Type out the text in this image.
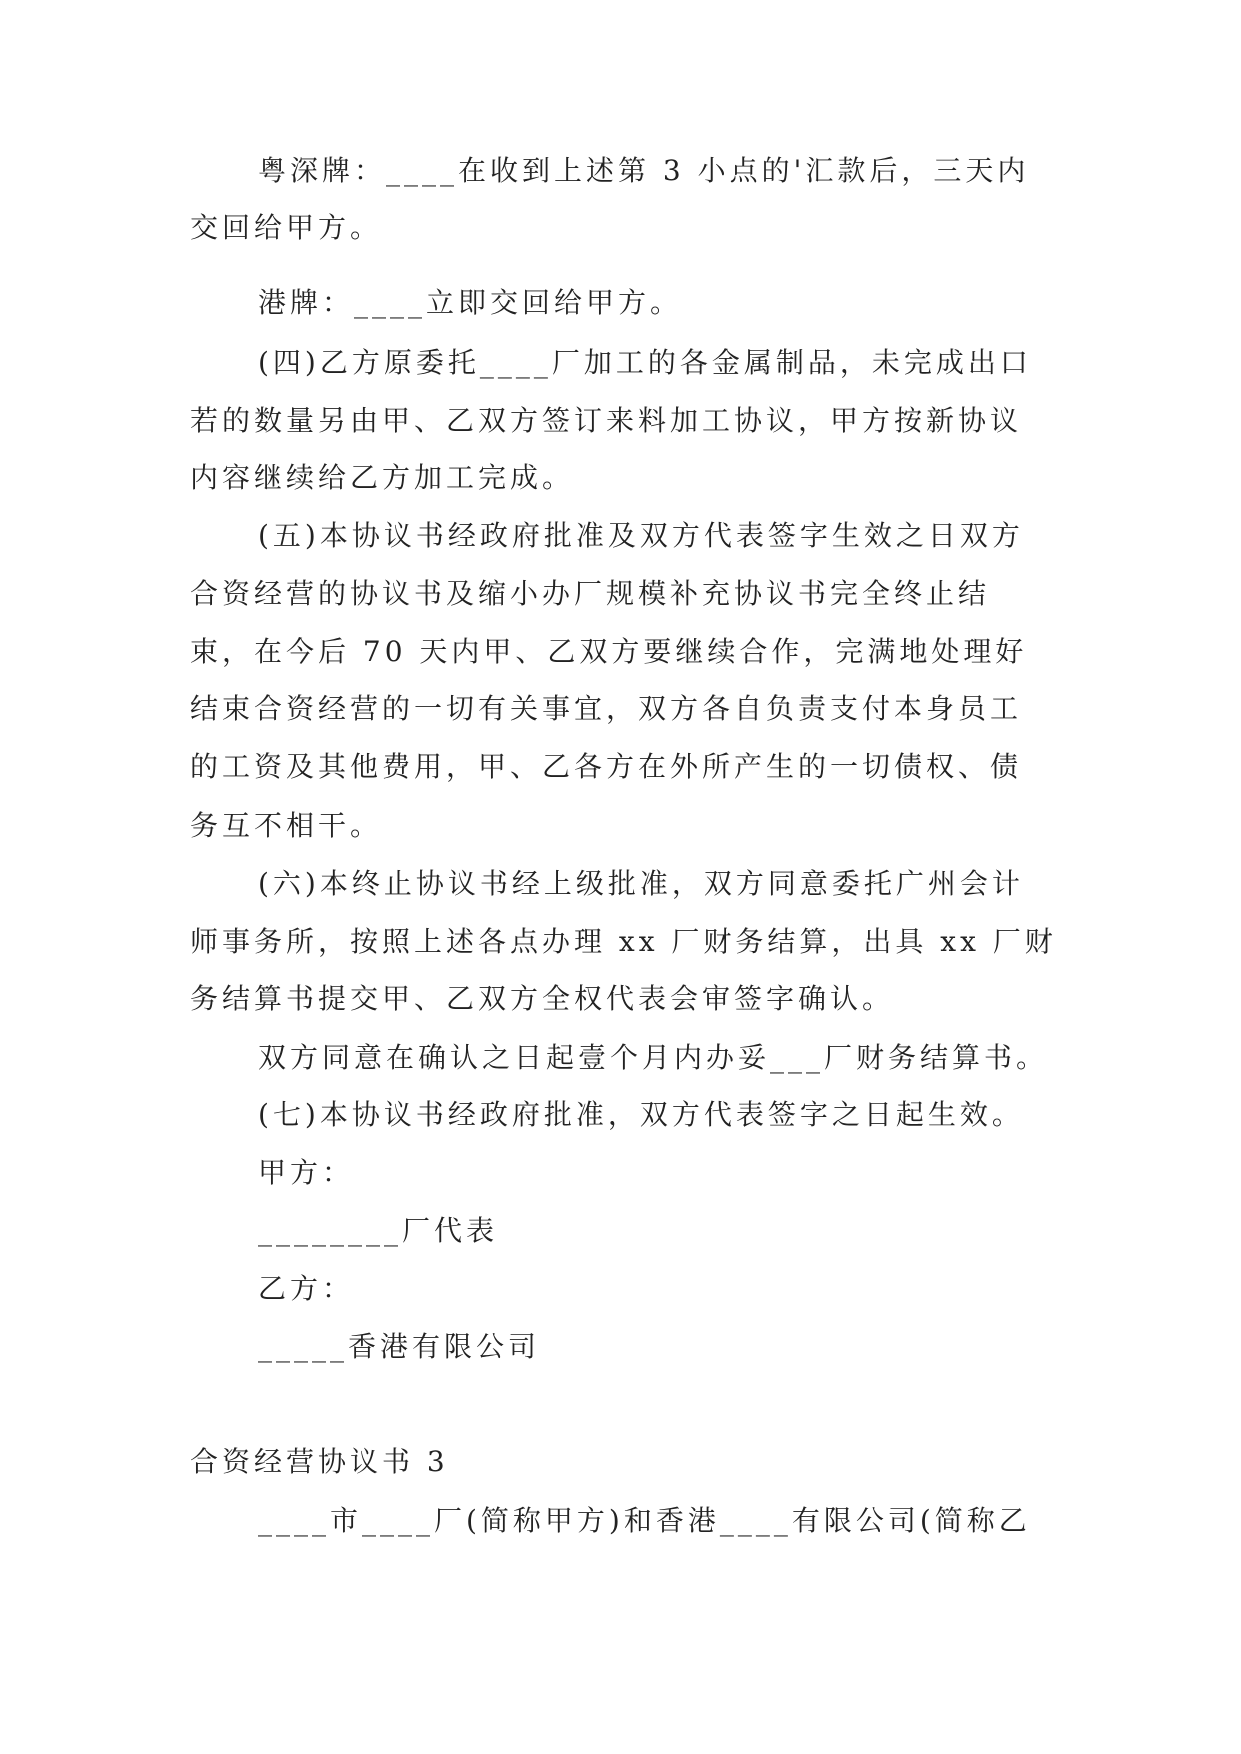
粤深牌：____在收到上述第 3 小点的'汇款后，三天内
交回给甲方。
港牌：____立即交回给甲方。
(四)乙方原委托____厂加工的各金属制品，未完成出口
若的数量另由甲、乙双方签订来料加工协议，甲方按新协议
内容继续给乙方加工完成。
(五)本协议书经政府批准及双方代表签字生效之日双方
合资经营的协议书及缩小办厂规模补充协议书完全终止结
束，在今后 70 天内甲、乙双方要继续合作，完满地处理好
结束合资经营的一切有关事宜，双方各自负责支付本身员工
的工资及其他费用，甲、乙各方在外所产生的一切债权、债
务互不相干。
(六)本终止协议书经上级批准，双方同意委托广州会计
师事务所，按照上述各点办理 xx 厂财务结算，出具 xx 厂财
务结算书提交甲、乙双方全权代表会审签字确认。
双方同意在确认之日起壹个月内办妥___厂财务结算书。
(七)本协议书经政府批准，双方代表签字之日起生效。
甲方：
________厂代表
乙方：
_____香港有限公司
合资经营协议书 3
____市____厂(简称甲方)和香港____有限公司(简称乙
